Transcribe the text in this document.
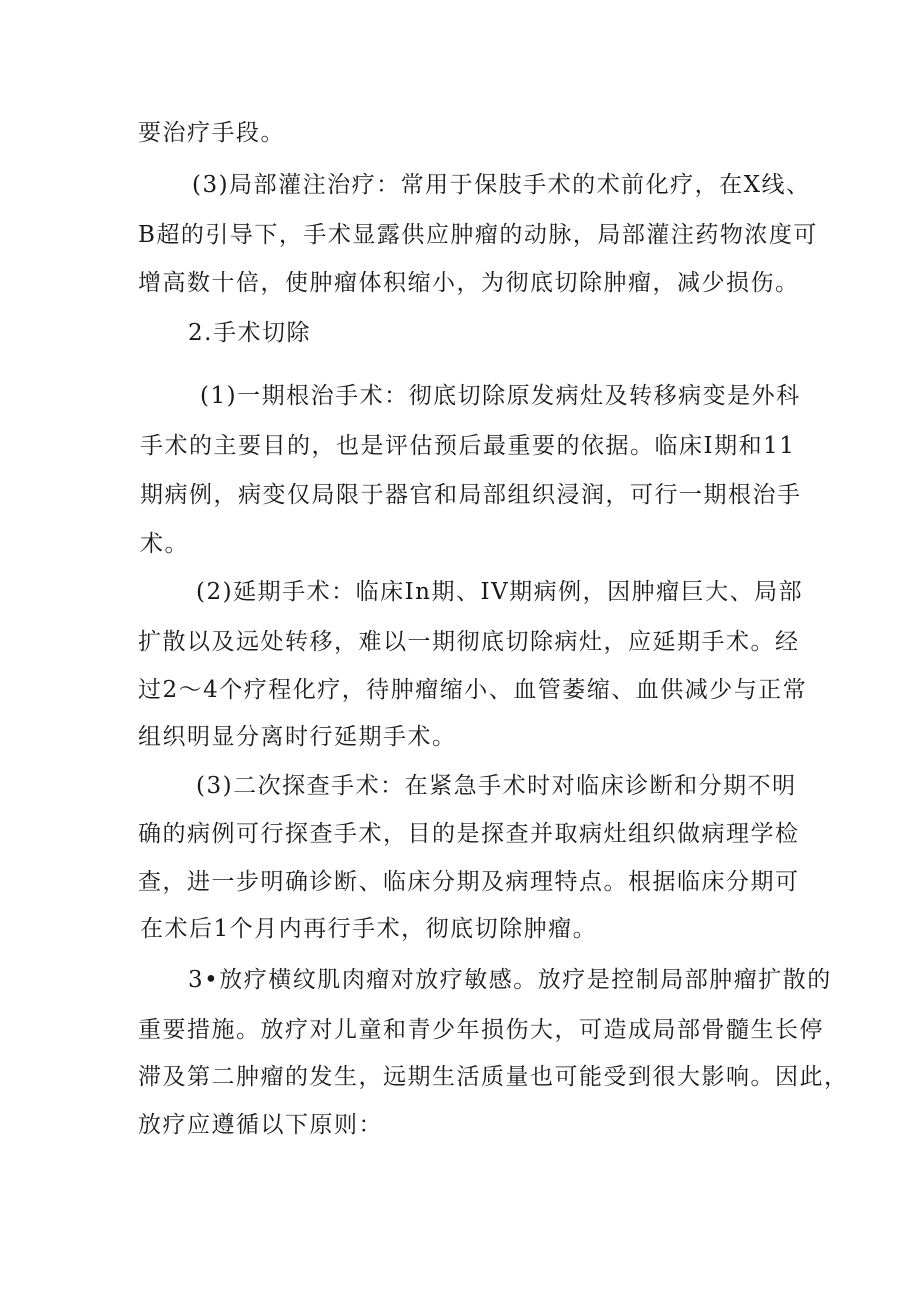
要治疗手段。
(3)局部灌注治疗：常用于保肢手术的术前化疗，在X线、
B超的引导下，手术显露供应肿瘤的动脉，局部灌注药物浓度可
增高数十倍，使肿瘤体积缩小，为彻底切除肿瘤，减少损伤。
2.手术切除
(1)一期根治手术：彻底切除原发病灶及转移病变是外科
手术的主要目的，也是评估预后最重要的依据。临床I期和11
期病例，病变仅局限于器官和局部组织浸润，可行一期根治手
术。
(2)延期手术：临床In期、IV期病例，因肿瘤巨大、局部
扩散以及远处转移，难以一期彻底切除病灶，应延期手术。经
过2～4个疗程化疗，待肿瘤缩小、血管萎缩、血供减少与正常
组织明显分离时行延期手术。
(3)二次探查手术：在紧急手术时对临床诊断和分期不明
确的病例可行探查手术，目的是探查并取病灶组织做病理学检
查，进一步明确诊断、临床分期及病理特点。根据临床分期可
在术后1个月内再行手术，彻底切除肿瘤。
3•放疗横纹肌肉瘤对放疗敏感。放疗是控制局部肿瘤扩散的
重要措施。放疗对儿童和青少年损伤大，可造成局部骨髓生长停
滞及第二肿瘤的发生，远期生活质量也可能受到很大影响。因此，
放疗应遵循以下原则：
